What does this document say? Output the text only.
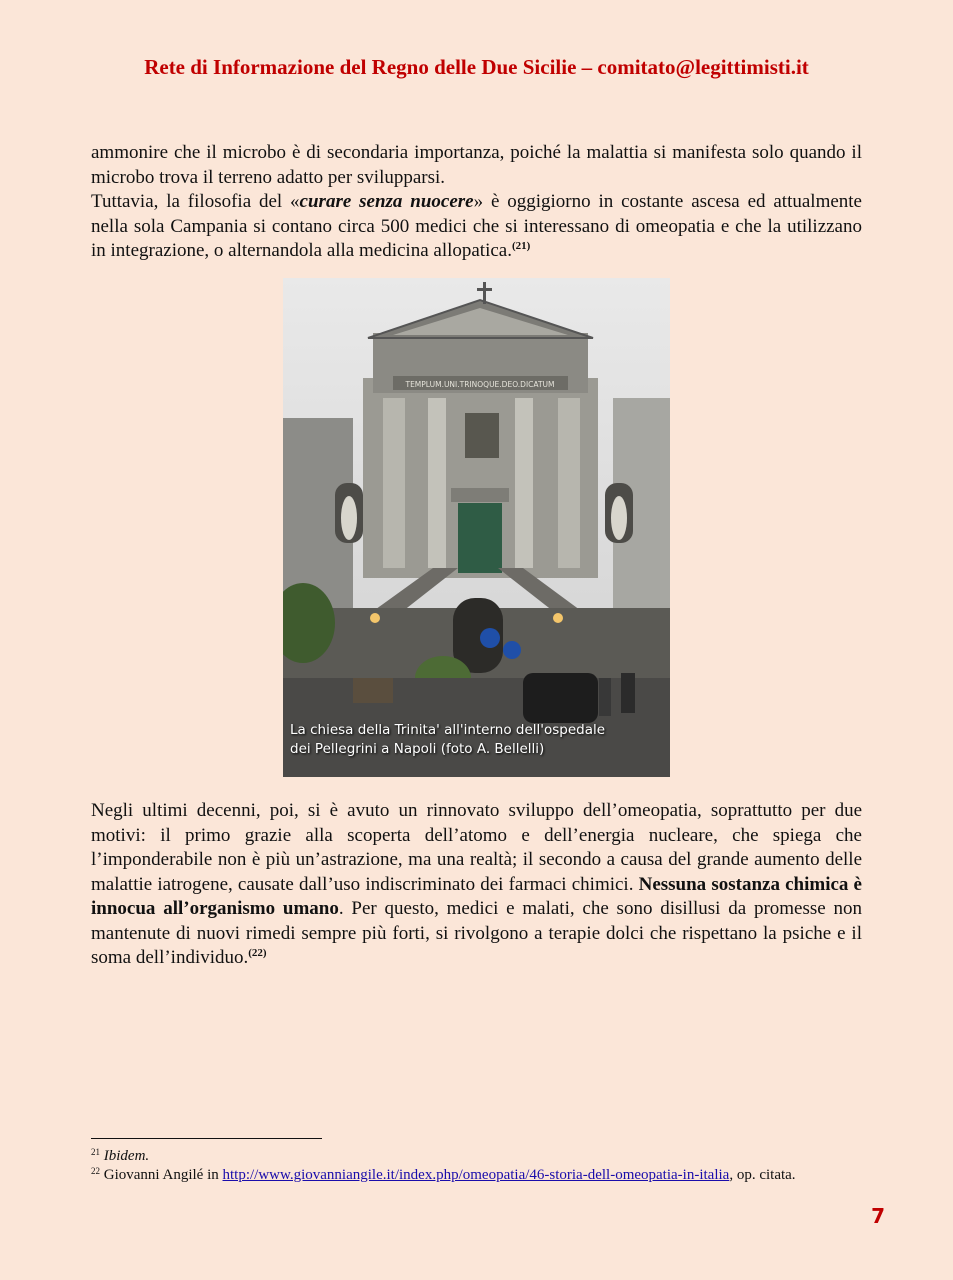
Rete di Informazione del Regno delle Due Sicilie – comitato@legittimisti.it

ammonire che il microbo è di secondaria importanza, poiché la malattia si manifesta solo quando il microbo trova il terreno adatto per svilupparsi.

Tuttavia, la filosofia del «curare senza nuocere» è oggigiorno in costante ascesa ed attualmente nella sola Campania si contano circa 500 medici che si interessano di omeopatia e che la utilizzano in integrazione, o alternandola alla medicina allopatica.$^{(21)}$

TEMPLUM.UNI.TRINOQUE.DEO.DICATUM
La chiesa della Trinita' all'interno dell'ospedale
dei Pellegrini a Napoli (foto A. Bellelli)

Negli ultimi decenni, poi, si è avuto un rinnovato sviluppo dell’omeopatia, soprattutto per due motivi: il primo grazie alla scoperta dell’atomo e dell’energia nucleare, che spiega che l’imponderabile non è più un’astrazione, ma una realtà; il secondo a causa del grande aumento delle malattie iatrogene, causate dall’uso indiscriminato dei farmaci chimici. Nessuna sostanza chimica è innocua all’organismo umano. Per questo, medici e malati, che sono disillusi da promesse non mantenute di nuovi rimedi sempre più forti, si rivolgono a terapie dolci che rispettano la psiche e il soma dell’individuo.$^{(22)}$

$^{21}$ Ibidem.
$^{22}$ Giovanni Angilé in http://www.giovanniangile.it/index.php/omeopatia/46-storia-dell-omeopatia-in-italia, op. citata.
7
